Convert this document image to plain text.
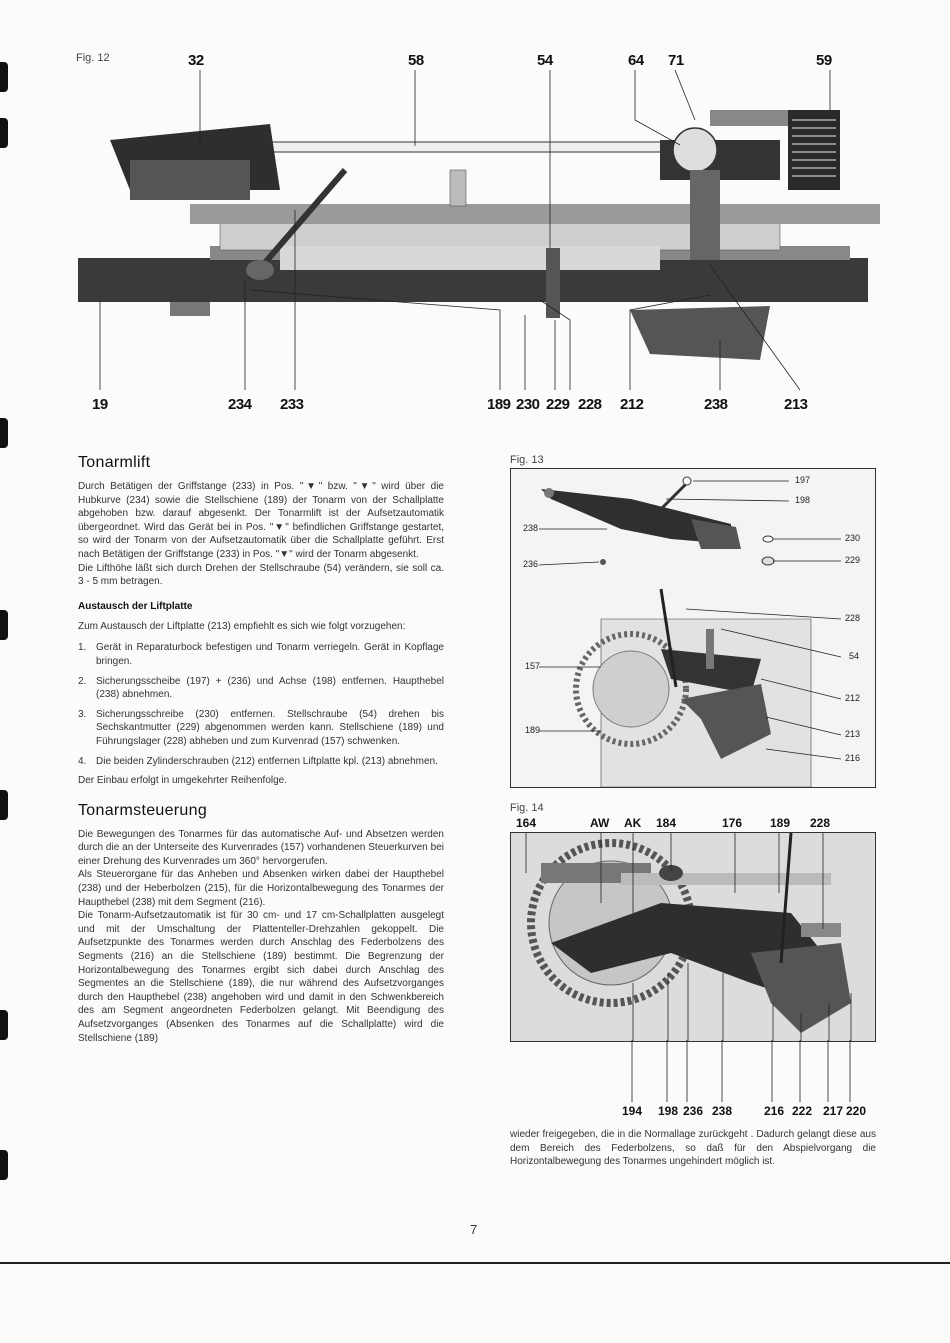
Fig. 12	32	58	54	64 71	59
19	234 233	189 230 229 228 212	238	213
Tonarmlift

Durch Betätigen der Griffstange (233) in Pos. "▼" bzw. "▼" wird über die Hubkurve (234) sowie die Stellschiene (189) der Tonarm von der Schallplatte abgehoben bzw. darauf abgesenkt. Der Tonarmlift ist der Aufsetzautomatik übergeordnet. Wird das Gerät bei in Pos. "▼" befindlichen Griffstange gestartet, so wird der Tonarm von der Aufsetzautomatik über die Schallplatte geführt. Erst nach Betätigen der Griffstange (233) in Pos. "▼" wird der Tonarm abgesenkt.

Die Lifthöhe läßt sich durch Drehen der Stellschraube (54) verändern, sie soll ca. 3 - 5 mm betragen.

Austausch der Liftplatte

Zum Austausch der Liftplatte (213) empfiehlt es sich wie folgt vorzugehen:

1. Gerät in Reparaturbock befestigen und Tonarm verriegeln. Gerät in Kopflage bringen.
2. Sicherungsscheibe (197) + (236) und Achse (198) entfernen. Haupthebel (238) abnehmen.
3. Sicherungsschreibe (230) entfernen. Stellschraube (54) drehen bis Sechskantmutter (229) abgenommen werden kann. Stellschiene (189) und Führungslager (228) abheben und zum Kurvenrad (157) schwenken.
4. Die beiden Zylinderschrauben (212) entfernen Liftplatte kpl. (213) abnehmen.

Der Einbau erfolgt in umgekehrter Reihenfolge.

Tonarmsteuerung

Die Bewegungen des Tonarmes für das automatische Auf- und Absetzen werden durch die an der Unterseite des Kurvenrades (157) vorhandenen Steuerkurven bei einer Drehung des Kurvenrades um 360° hervorgerufen.

Als Steuerorgane für das Anheben und Absenken wirken dabei der Haupthebel (238) und der Heberbolzen (215), für die Horizontalbewegung des Tonarmes der Haupthebel (238) mit dem Segment (216).

Die Tonarm-Aufsetzautomatik ist für 30 cm- und 17 cm-Schallplatten ausgelegt und mit der Umschaltung der Plattenteller-Drehzahlen gekoppelt. Die Aufsetzpunkte des Tonarmes werden durch Anschlag des Federbolzens des Segments (216) an die Stellschiene (189) bestimmt. Die Begrenzung der Horizontalbewegung des Tonarmes ergibt sich dabei durch Anschlag des Segmentes an die Stellschiene (189), die nur während des Aufsetzvorganges durch den Haupthebel (238) angehoben wird und damit in den Schwenkbereich des am Segment angeordneten Federbolzen gelangt. Mit Beendigung des Aufsetzvorganges (Absenken des Tonarmes auf die Schallplatte) wird die Stellschiene (189)

Fig. 13
238
236
157
189
197
198
230
229
228
54
212
213
216
Fig. 14
164	AW AK 184	176 189 228
194 198 236 238	216 222 217 220

wieder freigegeben, die in die Normallage zurückgeht . Dadurch gelangt diese aus dem Bereich des Federbolzens, so daß für den Abspielvorgang die Horizontalbewegung des Tonarmes ungehindert möglich ist.

7
